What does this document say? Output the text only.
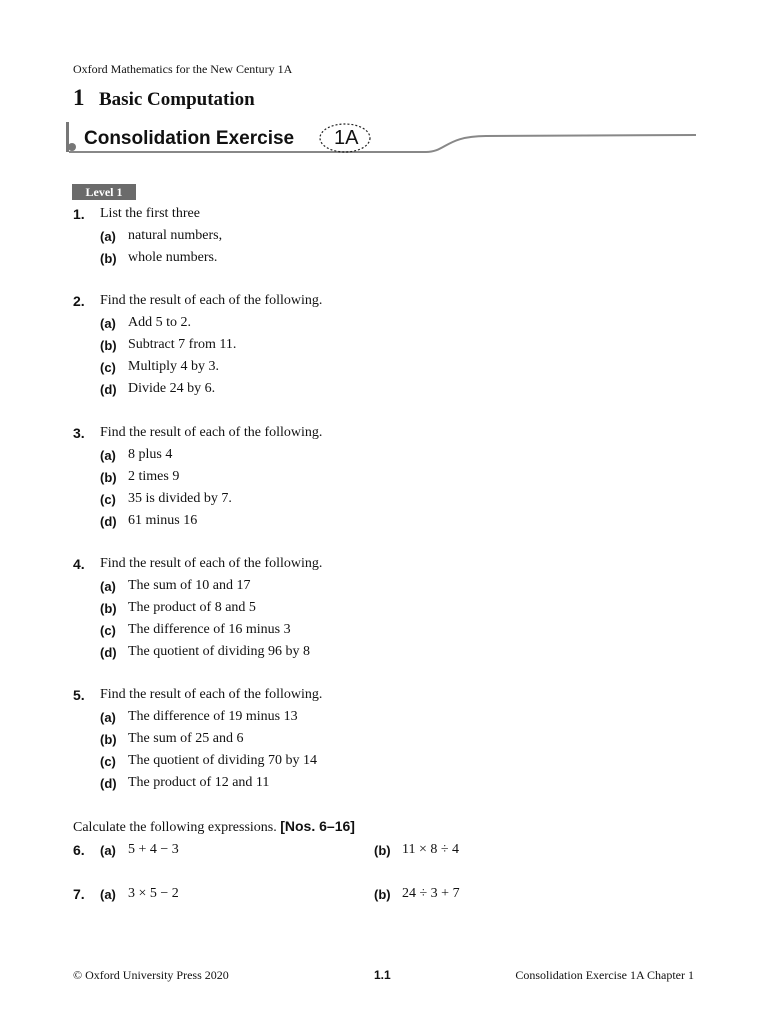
Oxford Mathematics for the New Century 1A
1 Basic Computation
Consolidation Exercise 1A
Level 1
1. List the first three
(a) natural numbers,
(b) whole numbers.
2. Find the result of each of the following.
(a) Add 5 to 2.
(b) Subtract 7 from 11.
(c) Multiply 4 by 3.
(d) Divide 24 by 6.
3. Find the result of each of the following.
(a) 8 plus 4
(b) 2 times 9
(c) 35 is divided by 7.
(d) 61 minus 16
4. Find the result of each of the following.
(a) The sum of 10 and 17
(b) The product of 8 and 5
(c) The difference of 16 minus 3
(d) The quotient of dividing 96 by 8
5. Find the result of each of the following.
(a) The difference of 19 minus 13
(b) The sum of 25 and 6
(c) The quotient of dividing 70 by 14
(d) The product of 12 and 11
Calculate the following expressions. [Nos. 6–16]
6. (a) 5 + 4 − 3	(b) 11 × 8 ÷ 4
7. (a) 3 × 5 − 2	(b) 24 ÷ 3 + 7
© Oxford University Press 2020	1.1	Consolidation Exercise 1A Chapter 1
